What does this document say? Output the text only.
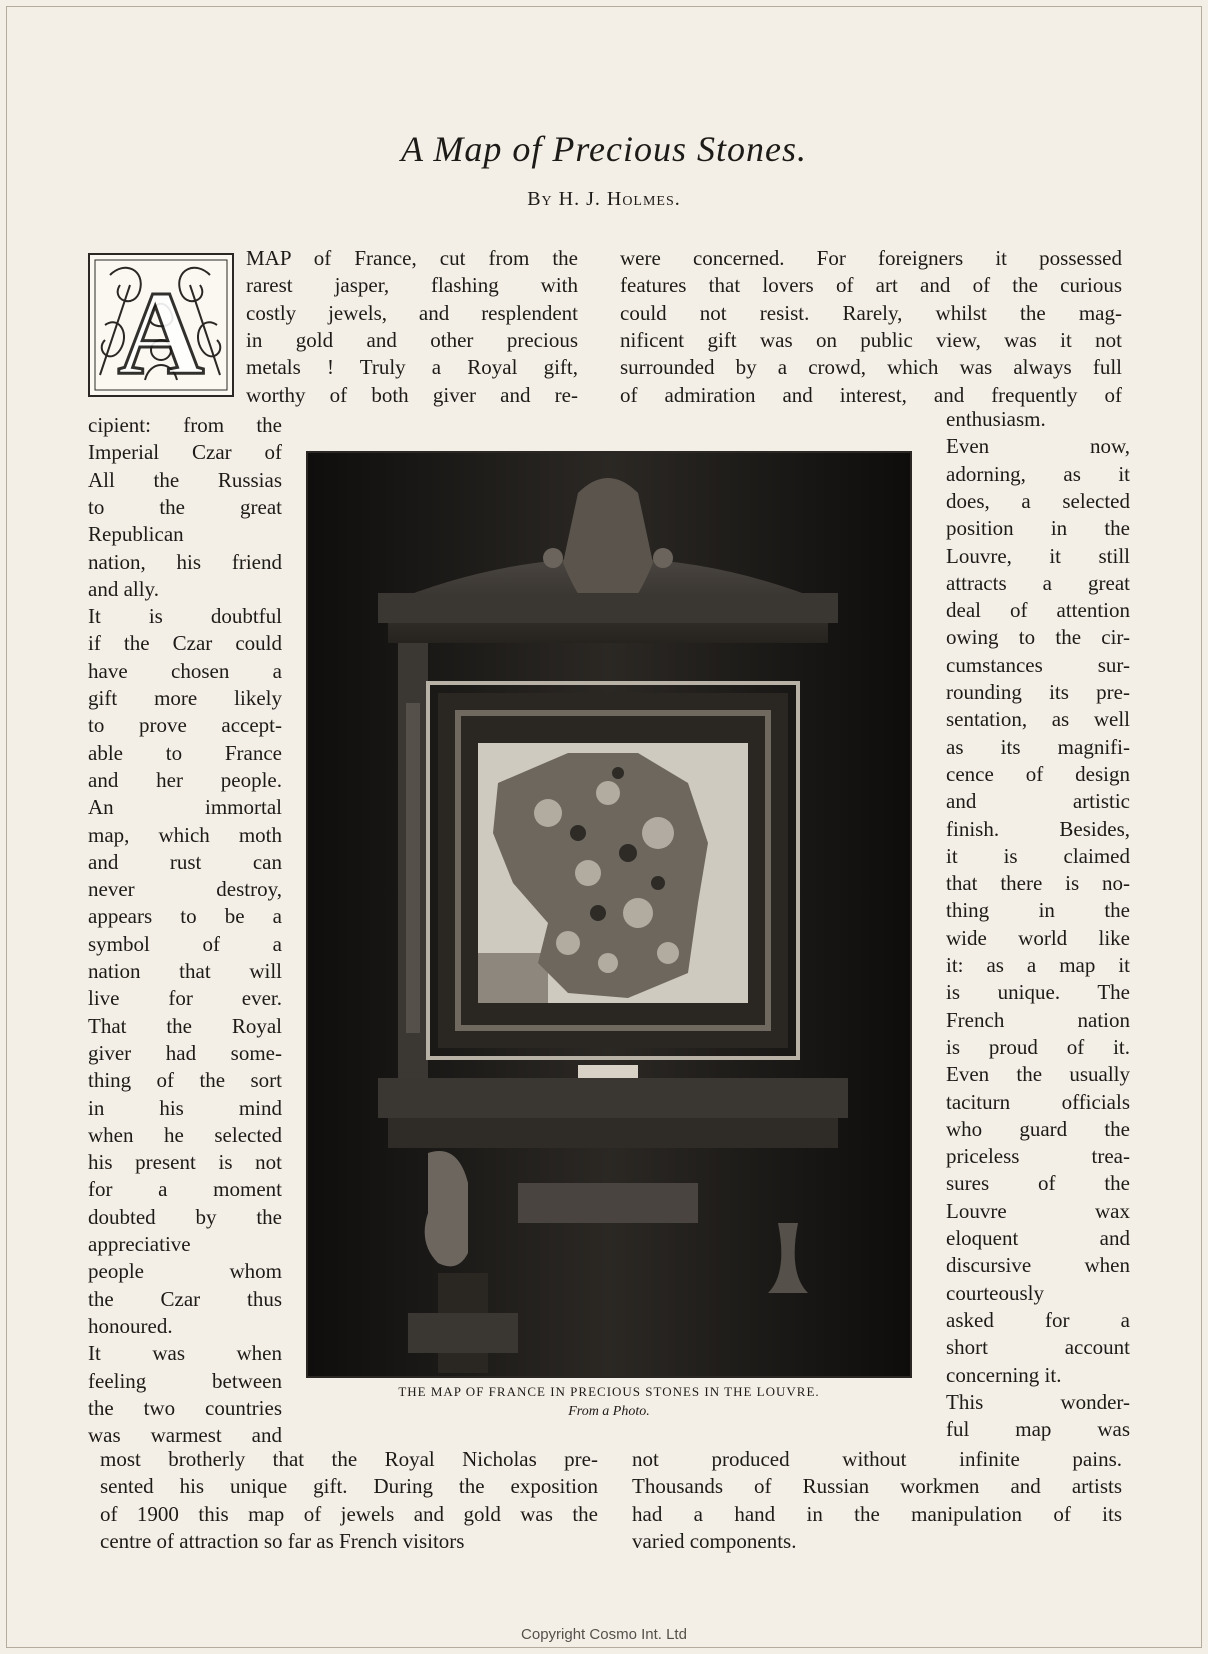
A Map of Precious Stones.
By H. J. Holmes.
A
MAP of France, cut from the
rarest jasper, flashing with
costly jewels, and resplendent
in gold and other precious
metals ! Truly a Royal gift,
worthy of both giver and re-
cipient: from the
Imperial Czar of
All the Russias
to the great
Republican
nation, his friend
and ally.
It is doubtful
if the Czar could
have chosen a
gift more likely
to prove accept-
able to France
and her people.
An immortal
map, which moth
and rust can
never destroy,
appears to be a
symbol of a
nation that will
live for ever.
That the Royal
giver had some-
thing of the sort
in his mind
when he selected
his present is not
for a moment
doubted by the
appreciative
people whom
the Czar thus
honoured.
It was when
feeling between
the two countries
was warmest and
most brotherly that the Royal Nicholas pre-
sented his unique gift. During the exposition
of 1900 this map of jewels and gold was the
centre of attraction so far as French visitors
were concerned. For foreigners it possessed
features that lovers of art and of the curious
could not resist. Rarely, whilst the mag-
nificent gift was on public view, was it not
surrounded by a crowd, which was always full
of admiration and interest, and frequently of
enthusiasm.
Even now,
adorning, as it
does, a selected
position in the
Louvre, it still
attracts a great
deal of attention
owing to the cir-
cumstances sur-
rounding its pre-
sentation, as well
as its magnifi-
cence of design
and artistic
finish. Besides,
it is claimed
that there is no-
thing in the
wide world like
it: as a map it
is unique. The
French nation
is proud of it.
Even the usually
taciturn officials
who guard the
priceless trea-
sures of the
Louvre wax
eloquent and
discursive when
courteously
asked for a
short account
concerning it.
This wonder-
ful map was
not produced without infinite pains.
Thousands of Russian workmen and artists
had a hand in the manipulation of its
varied components.
THE MAP OF FRANCE IN PRECIOUS STONES IN THE LOUVRE.
From a Photo.
Copyright Cosmo Int. Ltd
